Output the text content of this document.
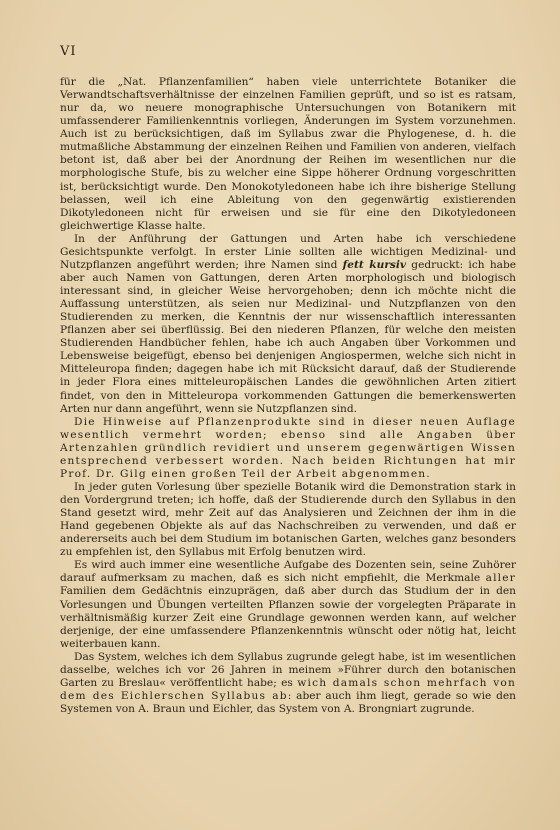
VI

für die „Nat. Pflanzenfamilien“ haben viele unterrichtete Botaniker die Verwandtschaftsverhältnisse der einzelnen Familien geprüft, und so ist es ratsam, nur da, wo neuere monographische Untersuchungen von Botanikern mit umfassenderer Familienkenntnis vorliegen, Änderungen im System vorzunehmen. Auch ist zu berücksichtigen, daß im Syllabus zwar die Phylogenese, d. h. die mutmaßliche Abstammung der einzelnen Reihen und Familien von anderen, vielfach betont ist, daß aber bei der Anordnung der Reihen im wesentlichen nur die morphologische Stufe, bis zu welcher eine Sippe höherer Ordnung vorgeschritten ist, berücksichtigt wurde. Den Monokotyledoneen habe ich ihre bisherige Stellung belassen, weil ich eine Ableitung von den gegenwärtig existierenden Dikotyledoneen nicht für erweisen und sie für eine den Dikotyledoneen gleichwertige Klasse halte.

In der Anführung der Gattungen und Arten habe ich verschiedene Gesichtspunkte verfolgt. In erster Linie sollten alle wichtigen Medizinal- und Nutzpflanzen angeführt werden; ihre Namen sind fett kursiv gedruckt: ich habe aber auch Namen von Gattungen, deren Arten morphologisch und biologisch interessant sind, in gleicher Weise hervorgehoben; denn ich möchte nicht die Auffassung unterstützen, als seien nur Medizinal- und Nutzpflanzen von den Studierenden zu merken, die Kenntnis der nur wissenschaftlich interessanten Pflanzen aber sei überflüssig. Bei den niederen Pflanzen, für welche den meisten Studierenden Handbücher fehlen, habe ich auch Angaben über Vorkommen und Lebensweise beigefügt, ebenso bei denjenigen Angiospermen, welche sich nicht in Mitteleuropa finden; dagegen habe ich mit Rücksicht darauf, daß der Studierende in jeder Flora eines mitteleuropäischen Landes die gewöhnlichen Arten zitiert findet, von den in Mitteleuropa vorkommenden Gattungen die bemerkenswerten Arten nur dann angeführt, wenn sie Nutzpflanzen sind.

Die Hinweise auf Pflanzenprodukte sind in dieser neuen Auflage wesentlich vermehrt worden; ebenso sind alle Angaben über Artenzahlen gründlich revidiert und unserem gegenwärtigen Wissen entsprechend verbessert worden. Nach beiden Richtungen hat mir Prof. Dr. Gilg einen großen Teil der Arbeit abgenommen.

In jeder guten Vorlesung über spezielle Botanik wird die Demonstration stark in den Vordergrund treten; ich hoffe, daß der Studierende durch den Syllabus in den Stand gesetzt wird, mehr Zeit auf das Analysieren und Zeichnen der ihm in die Hand gegebenen Objekte als auf das Nachschreiben zu verwenden, und daß er andererseits auch bei dem Studium im botanischen Garten, welches ganz besonders zu empfehlen ist, den Syllabus mit Erfolg benutzen wird.

Es wird auch immer eine wesentliche Aufgabe des Dozenten sein, seine Zuhörer darauf aufmerksam zu machen, daß es sich nicht empfiehlt, die Merkmale aller Familien dem Gedächtnis einzuprägen, daß aber durch das Studium der in den Vorlesungen und Übungen verteilten Pflanzen sowie der vorgelegten Präparate in verhältnismäßig kurzer Zeit eine Grundlage gewonnen werden kann, auf welcher derjenige, der eine umfassendere Pflanzenkenntnis wünscht oder nötig hat, leicht weiterbauen kann.

Das System, welches ich dem Syllabus zugrunde gelegt habe, ist im wesentlichen dasselbe, welches ich vor 26 Jahren in meinem »Führer durch den botanischen Garten zu Breslau« veröffentlicht habe; es wich damals schon mehrfach von dem des Eichlerschen Syllabus ab: aber auch ihm liegt, gerade so wie den Systemen von A. Braun und Eichler, das System von A. Brongniart zugrunde.
